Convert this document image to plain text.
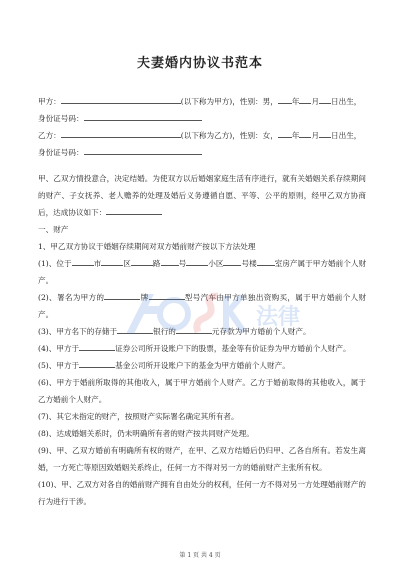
夫妻婚内协议书范本
甲方：	(以下称为甲方)，性别：男， 年 月 日出生，
身份证号码：
乙方：	(以下称为乙方)，性别：女， 年 月 日出生，
身份证号码：
甲、乙双方情投意合，决定结婚。为使双方以后婚姻家庭生活有序进行，就有关婚姻关系存续期间的财产、子女抚养、老人赡养的处理及婚后义务遵循自愿、平等、公平的原则，经甲乙双方协商后，达成协议如下：
一、财产
1、甲乙双方协议于婚姻存续期间对双方婚前财产按以下方法处理
(1)、位于	市	区	路 号	小区 号楼 室房产属于甲方婚前个人财产。
(2)、署名为甲方的	牌	型号汽车由甲方单独出资购买，属于甲方婚前个人财产。
(3)、甲方名下的存储于	银行的	元存款为甲方婚前个人财产。
(4)、甲方于	证券公司所开设账户下的股票，基金等有价证券为甲方婚前个人财产。
(5)、甲方于	基金公司所开设账户下的基金为甲方婚前个人财产。
(6)、甲方于婚前所取得的其他收入，属于甲方婚前个人财产。乙方于婚前取得的其他收入，属于乙方婚前个人财产。
(7)、其它未指定的财产，按照财产实际署名确定其所有者。
(8)、达成婚姻关系时，仍未明确所有者的财产按共同财产处理。
(9)、甲、乙双方婚前有明确所有权的财产，在甲、乙双方结婚后仍归甲、乙各自所有。若发生离婚，一方死亡等原因致婚姻关系终止，任何一方不得对另一方的婚前财产主张所有权。
(10)、甲、乙双方对各自的婚前财产拥有自由处分的权利，任何一方不得对另一方处理婚前财产的行为进行干涉。
法律
第 1 页 共 4 页
